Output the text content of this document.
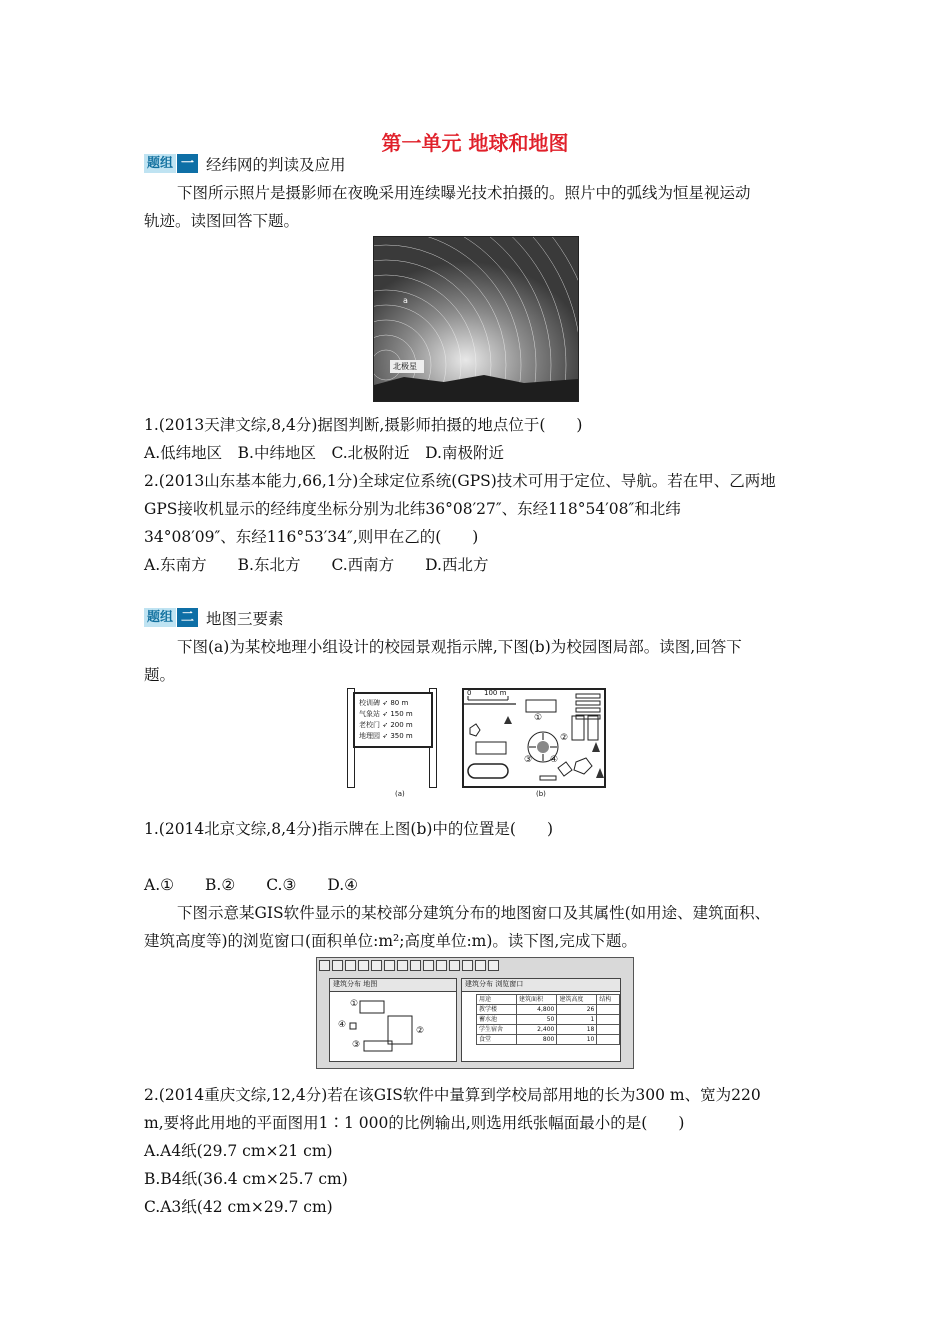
第一单元 地球和地图
题组 一 经纬网的判读及应用
下图所示照片是摄影师在夜晚采用连续曝光技术拍摄的。照片中的弧线为恒星视运动
轨迹。读图回答下题。
a
北极星
1.(2013天津文综,8,4分)据图判断,摄影师拍摄的地点位于(　　)
A.低纬地区　B.中纬地区　C.北极附近　D.南极附近
2.(2013山东基本能力,66,1分)全球定位系统(GPS)技术可用于定位、导航。若在甲、乙两地
GPS接收机显示的经纬度坐标分别为北纬36°08′27″、东经118°54′08″和北纬
34°08′09″、东经116°53′34″,则甲在乙的(　　)
A.东南方　　B.东北方　　C.西南方　　D.西北方
题组 二 地图三要素
下图(a)为某校地理小组设计的校园景观指示牌,下图(b)为校园图局部。读图,回答下
题。
校训碑 ➶ 80 m
气象站 ➶ 150 m
老校门 ➶ 200 m
地理园 ➶ 350 m
(a)
0 100 m
①
②
③ ④
(b)
1.(2014北京文综,8,4分)指示牌在上图(b)中的位置是(　　)
A.①　　B.②　　C.③　　D.④
下图示意某GIS软件显示的某校部分建筑分布的地图窗口及其属性(如用途、建筑面积、
建筑高度等)的浏览窗口(面积单位:m²;高度单位:m)。读下图,完成下题。
建筑分布 地图
①
②
③
④
建筑分布 浏览窗口
用途	建筑面积	建筑高度	结构
教学楼	4,800	26	
蓄水池	50	1	
学生宿舍	2,400	18	
食堂	800	10	
2.(2014重庆文综,12,4分)若在该GIS软件中量算到学校局部用地的长为300 m、宽为220
m,要将此用地的平面图用1∶1 000的比例输出,则选用纸张幅面最小的是(　　)
A.A4纸(29.7 cm×21 cm)
B.B4纸(36.4 cm×25.7 cm)
C.A3纸(42 cm×29.7 cm)
